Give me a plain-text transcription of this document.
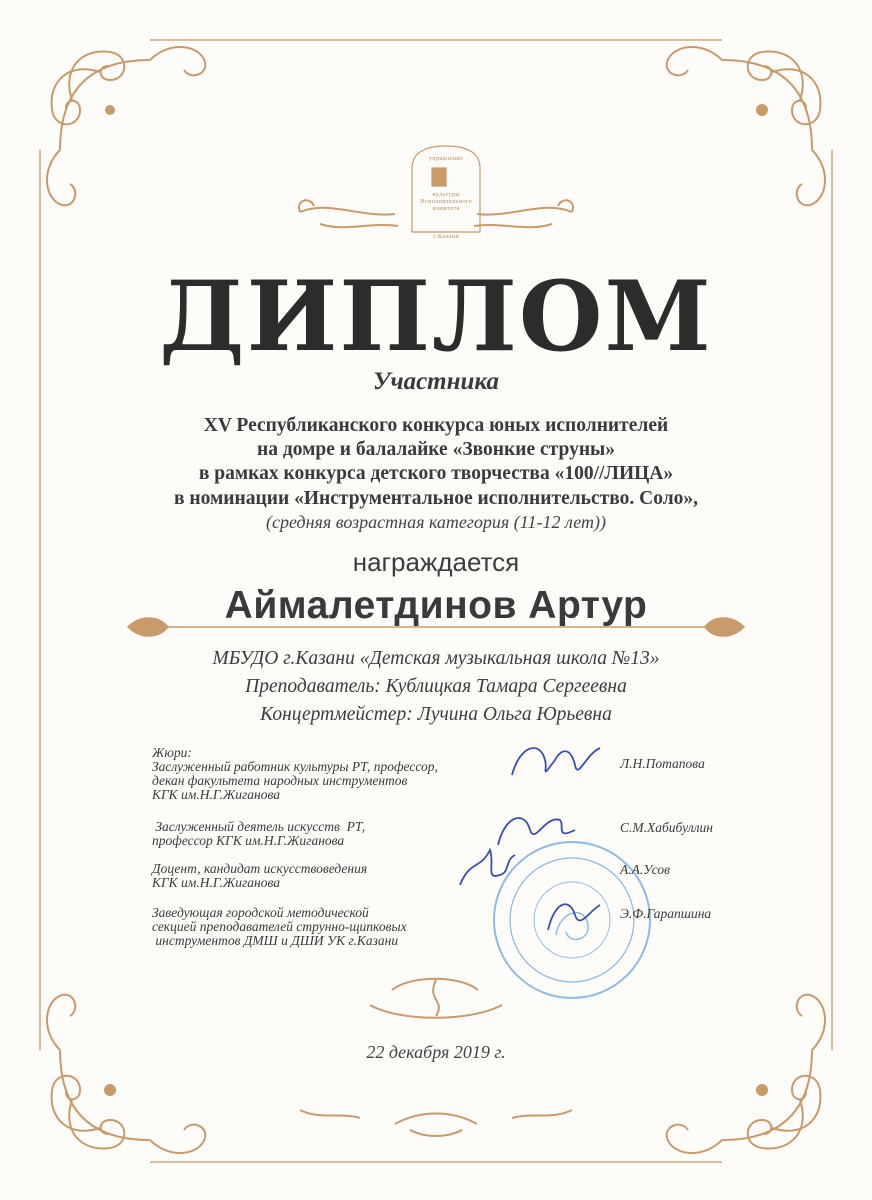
управление
культуры
Исполнительного
комитета
г.Казани
ДИПЛОМ
Участника
XV Республиканского конкурса юных исполнителей
на домре и балалайке «Звонкие струны»
в рамках конкурса детского творчества «100//ЛИЦА»
в номинации «Инструментальное исполнительство. Соло»,
(средняя возрастная категория (11-12 лет))
награждается
Аймалетдинов Артур
МБУДО г.Казани «Детская музыкальная школа №13»
Преподаватель: Кублицкая Тамара Сергеевна
Концертмейстер: Лучина Ольга Юрьевна
Жюри:
Заслуженный работник культуры РТ, профессор,
декан факультета народных инструментов
КГК им.Н.Г.Жиганова
Л.Н.Потапова
Заслуженный деятель искусств  РТ,
профессор КГК им.Н.Г.Жиганова
С.М.Хабибуллин
Доцент, кандидат искусствоведения
КГК им.Н.Г.Жиганова
А.А.Усов
Заведующая городской методической
секцией преподавателей струнно-щипковых
инструментов ДМШ и ДШИ УК г.Казани
Э.Ф.Гарапшина
22 декабря 2019 г.
